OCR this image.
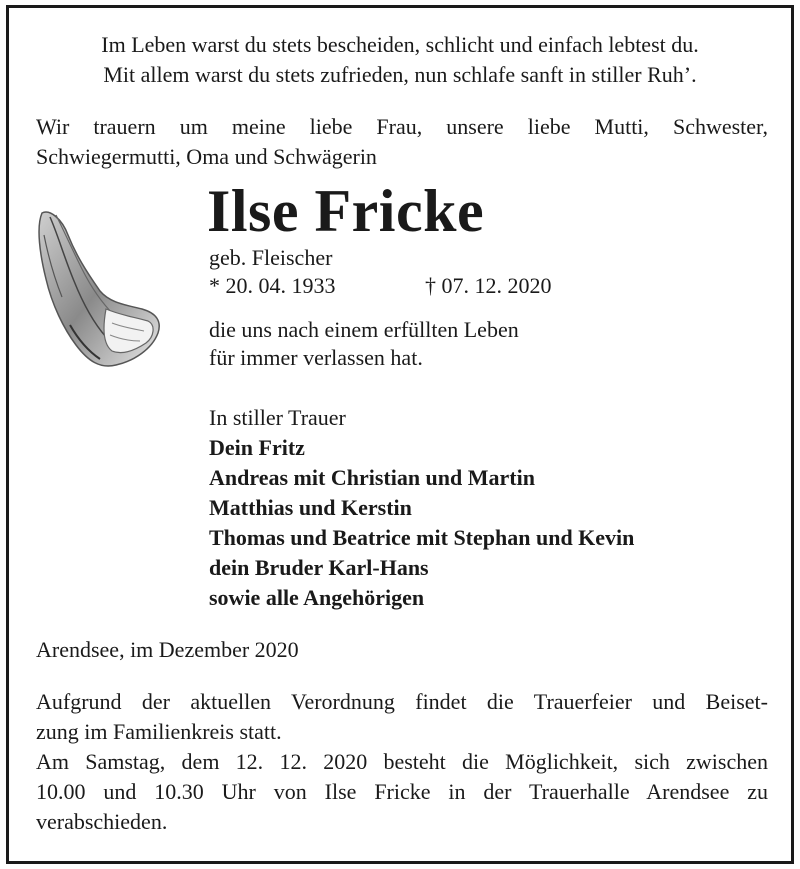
Im Leben warst du stets bescheiden, schlicht und einfach lebtest du.
Mit allem warst du stets zufrieden, nun schlafe sanft in stiller Ruh’.
Wir trauern um meine liebe Frau, unsere liebe Mutti, Schwester,
Schwiegermutti, Oma und Schwägerin
Ilse Fricke
geb. Fleischer
* 20. 04. 1933	† 07. 12. 2020
die uns nach einem erfüllten Leben
für immer verlassen hat.
In stiller Trauer
Dein Fritz
Andreas mit Christian und Martin
Matthias und Kerstin
Thomas und Beatrice mit Stephan und Kevin
dein Bruder Karl-Hans
sowie alle Angehörigen
Arendsee, im Dezember 2020
Aufgrund der aktuellen Verordnung findet die Trauerfeier und Beiset-
zung im Familienkreis statt.
Am Samstag, dem 12. 12. 2020 besteht die Möglichkeit, sich zwischen
10.00 und 10.30 Uhr von Ilse Fricke in der Trauerhalle Arendsee zu
verabschieden.
